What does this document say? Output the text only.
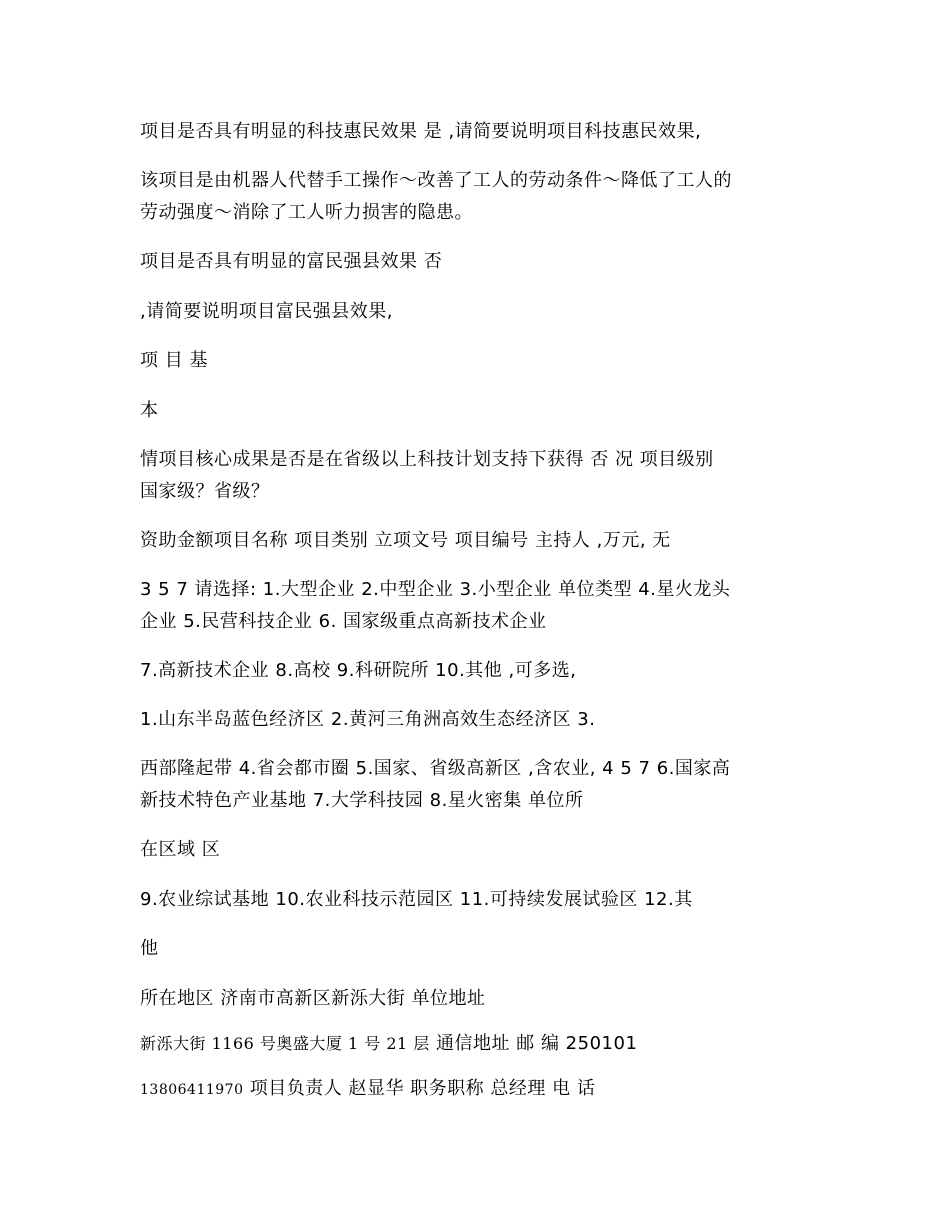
项目是否具有明显的科技惠民效果 是 ,请简要说明项目科技惠民效果,

该项目是由机器人代替手工操作～改善了工人的劳动条件～降低了工人的
劳动强度～消除了工人听力损害的隐患。

项目是否具有明显的富民强县效果 否

,请简要说明项目富民强县效果,

项 目 基

本

情项目核心成果是否是在省级以上科技计划支持下获得 否 况 项目级别
国家级？省级？

资助金额项目名称 项目类别 立项文号 项目编号 主持人 ,万元, 无

3 5 7 请选择: 1.大型企业 2.中型企业 3.小型企业 单位类型 4.星火龙头
企业 5.民营科技企业 6. 国家级重点高新技术企业

7.高新技术企业 8.高校 9.科研院所 10.其他 ,可多选,

1.山东半岛蓝色经济区 2.黄河三角洲高效生态经济区 3.

西部隆起带 4.省会都市圈 5.国家、省级高新区 ,含农业, 4 5 7 6.国家高
新技术特色产业基地 7.大学科技园 8.星火密集 单位所

在区域 区

9.农业综试基地 10.农业科技示范园区 11.可持续发展试验区 12.其

他

所在地区 济南市高新区新泺大街 单位地址

新泺大街 1166 号奥盛大厦 1 号 21 层 通信地址 邮 编 250101

13806411970 项目负责人 赵显华 职务职称 总经理 电 话
